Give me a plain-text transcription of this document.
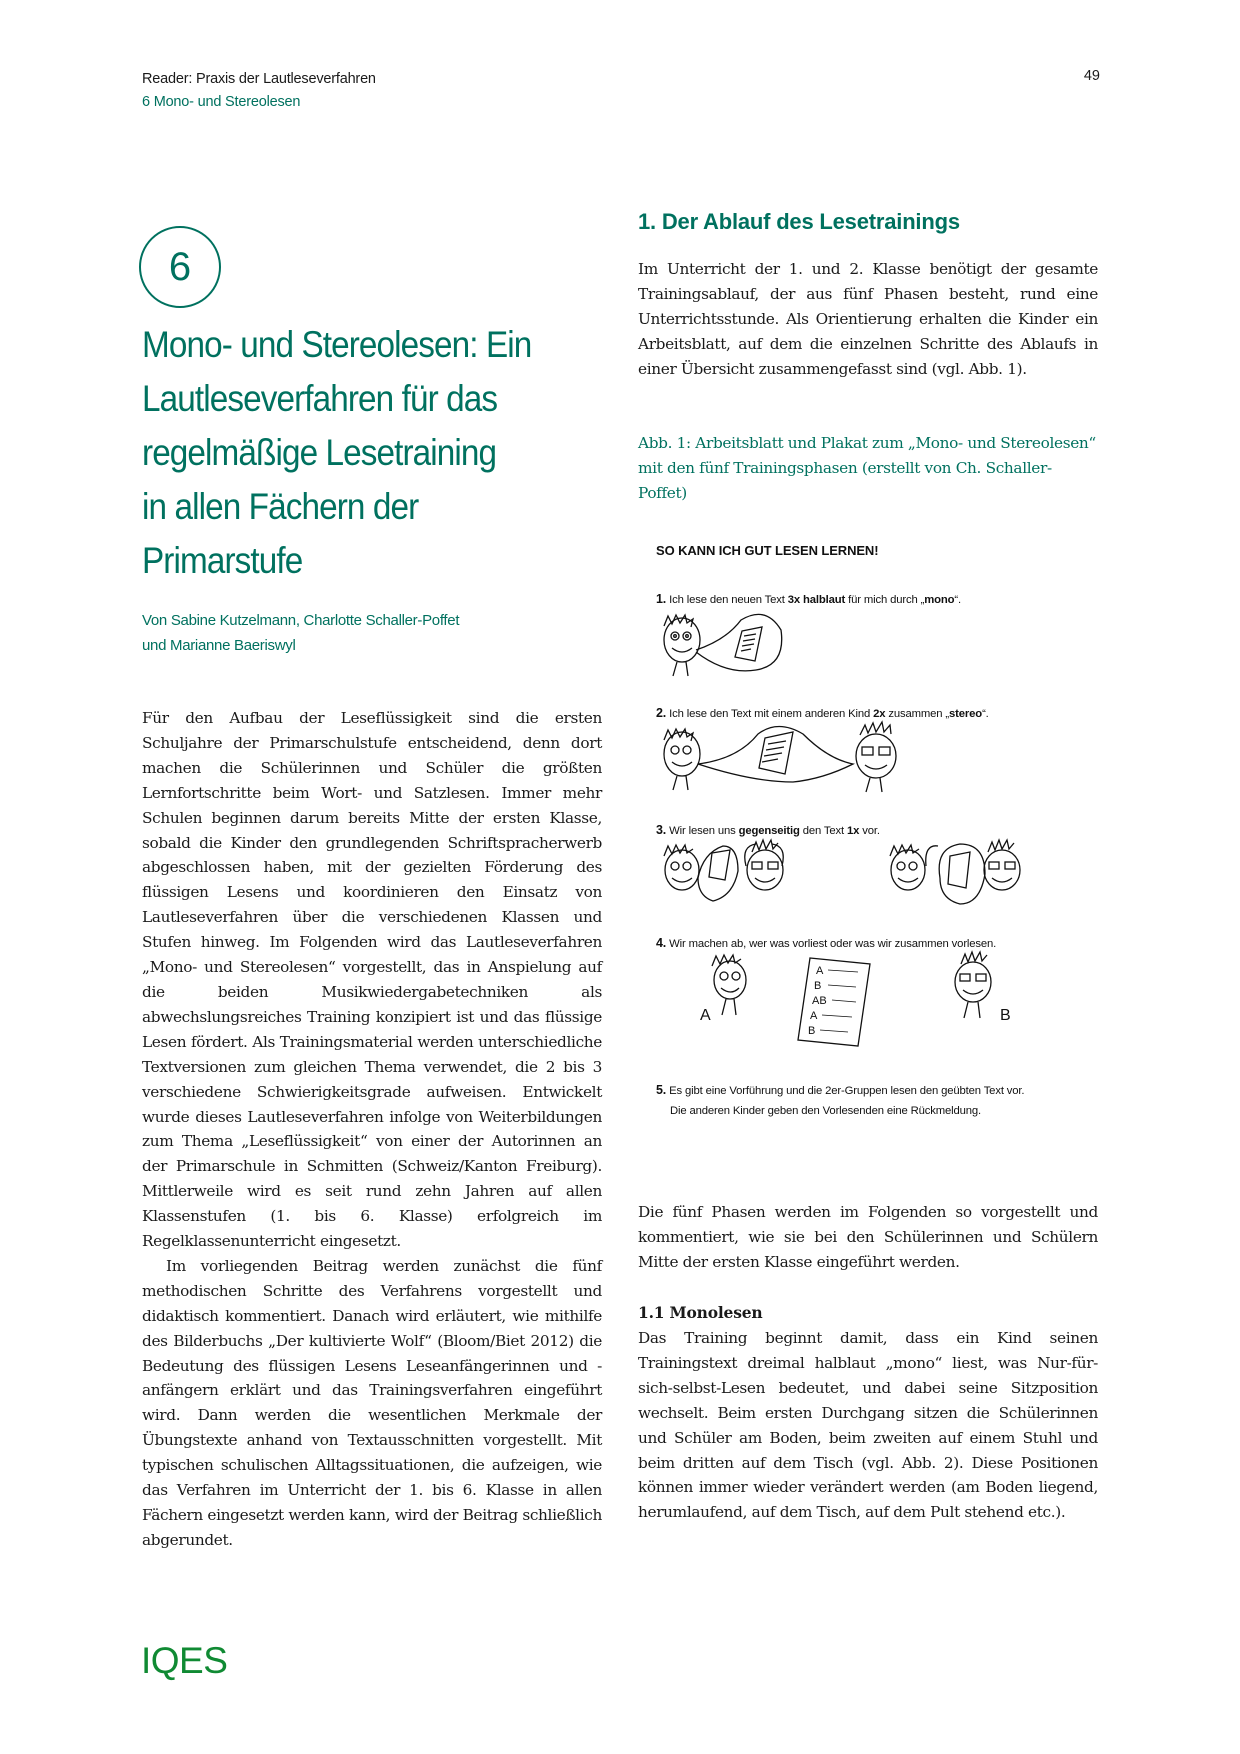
Reader: Praxis der Lautleseverfahren
6 Mono- und Stereolesen
49
6
Mono- und Stereolesen: Ein
Lautleseverfahren für das
regelmäßige Lesetraining
in allen Fächern der
Primarstufe
Von Sabine Kutzelmann, Charlotte Schaller-Poffet
und Marianne Baeriswyl

Für den Aufbau der Leseflüssigkeit sind die ersten Schuljahre der Primarschulstufe entscheidend, denn dort machen die Schülerinnen und Schüler die größten Lernfortschritte beim Wort- und Satzlesen. Immer mehr Schulen beginnen darum bereits Mitte der ersten Klasse, sobald die Kinder den grundlegenden Schriftspracherwerb abgeschlossen haben, mit der gezielten Förderung des flüssigen Lesens und koordinieren den Einsatz von Lautleseverfahren über die verschiedenen Klassen und Stufen hinweg. Im Folgenden wird das Lautleseverfahren „Mono- und Stereolesen“ vorgestellt, das in Anspielung auf die beiden Musikwiedergabetechniken als abwechslungsreiches Training konzipiert ist und das flüssige Lesen fördert. Als Trainingsmaterial werden unterschiedliche Textversionen zum gleichen Thema verwendet, die 2 bis 3 verschiedene Schwierigkeitsgrade aufweisen. Entwickelt wurde dieses Lautleseverfahren infolge von Weiterbildungen zum Thema „Leseflüssigkeit“ von einer der Autorinnen an der Primarschule in Schmitten (Schweiz/Kanton Freiburg). Mittlerweile wird es seit rund zehn Jahren auf allen Klassenstufen (1. bis 6. Klasse) erfolgreich im Regelklassenunterricht eingesetzt.

Im vorliegenden Beitrag werden zunächst die fünf methodischen Schritte des Verfahrens vorgestellt und didaktisch kommentiert. Danach wird erläutert, wie mithilfe des Bilderbuchs „Der kultivierte Wolf“ (Bloom/Biet 2012) die Bedeutung des flüssigen Lesens Leseanfängerinnen und -anfängern erklärt und das Trainingsverfahren eingeführt wird. Dann werden die wesentlichen Merkmale der Übungstexte anhand von Textausschnitten vorgestellt. Mit typischen schulischen Alltagssituationen, die aufzeigen, wie das Verfahren im Unterricht der 1. bis 6. Klasse in allen Fächern eingesetzt werden kann, wird der Beitrag schließlich abgerundet.

1. Der Ablauf des Lesetrainings
Im Unterricht der 1. und 2. Klasse benötigt der gesamte Trainingsablauf, der aus fünf Phasen besteht, rund eine Unterrichtsstunde. Als Orientierung erhalten die Kinder ein Arbeitsblatt, auf dem die einzelnen Schritte des Ablaufs in einer Übersicht zusammengefasst sind (vgl. Abb. 1).
Abb. 1: Arbeitsblatt und Plakat zum „Mono- und Stereolesen“ mit den fünf Trainingsphasen (erstellt von Ch. Schaller-Poffet)
SO KANN ICH GUT LESEN LERNEN!
1. Ich lese den neuen Text 3x halblaut für mich durch „mono“.
2. Ich lese den Text mit einem anderen Kind 2x zusammen „stereo“.
3. Wir lesen uns gegenseitig den Text 1x vor.
4. Wir machen ab, wer was vorliest oder was wir zusammen vorlesen.
A	B
A
B
AB
A
B
5. Es gibt eine Vorführung und die 2er-Gruppen lesen den geübten Text vor.
Die anderen Kinder geben den Vorlesenden eine Rückmeldung.
Die fünf Phasen werden im Folgenden so vorgestellt und kommentiert, wie sie bei den Schülerinnen und Schülern Mitte der ersten Klasse eingeführt werden.
1.1 Monolesen
Das Training beginnt damit, dass ein Kind seinen Trainingstext dreimal halblaut „mono“ liest, was Nur-für-sich-selbst-Lesen bedeutet, und dabei seine Sitzposition wechselt. Beim ersten Durchgang sitzen die Schülerinnen und Schüler am Boden, beim zweiten auf einem Stuhl und beim dritten auf dem Tisch (vgl. Abb. 2). Diese Positionen können immer wieder verändert werden (am Boden liegend, herumlaufend, auf dem Tisch, auf dem Pult stehend etc.).
IQES
